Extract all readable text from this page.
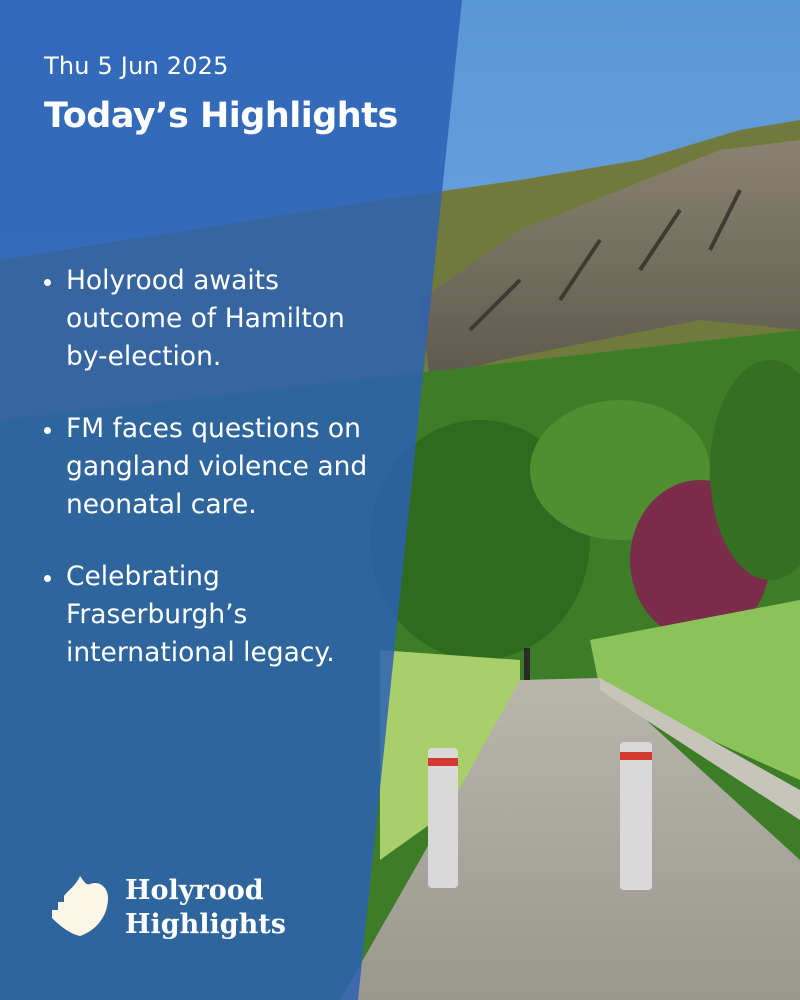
Thu 5 Jun 2025
Today’s Highlights
Holyrood awaits outcome of Hamilton by-election.
FM faces questions on gangland violence and neonatal care.
Celebrating Fraserburgh’s international legacy.
Holyrood
Highlights
